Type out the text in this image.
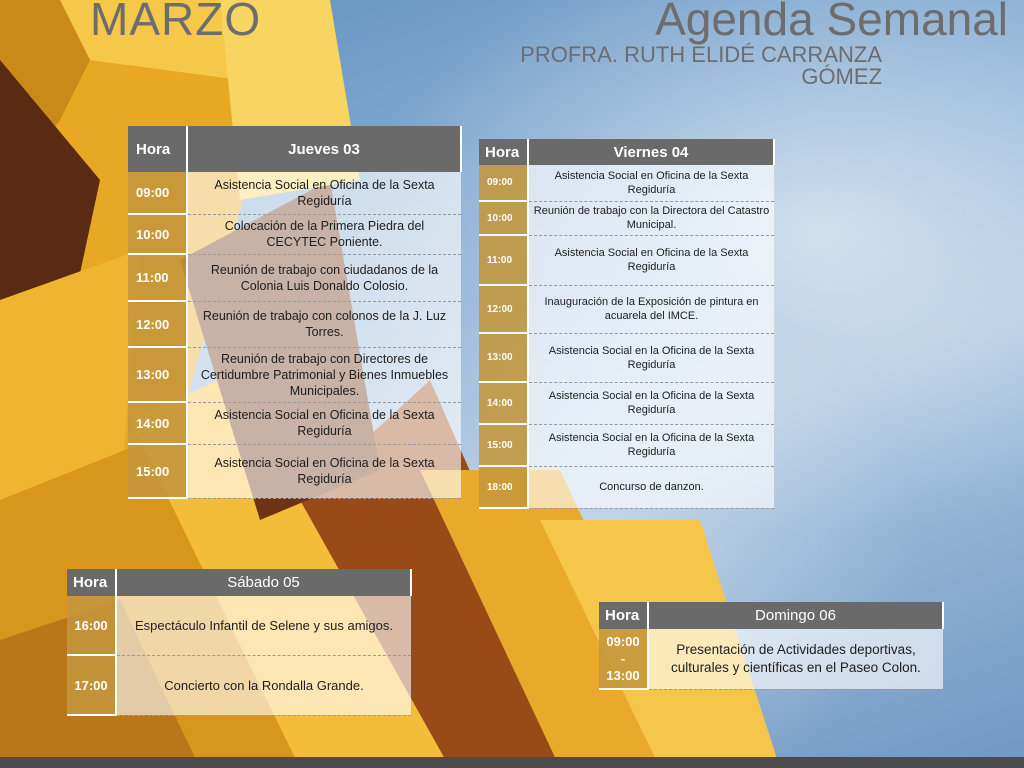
MARZO	Agenda Semanal
PROFRA. RUTH ELIDÉ CARRANZA
GÓMEZ
Hora	Jueves 03
09:00	Asistencia Social en Oficina de la Sexta Regiduría
10:00	Colocación de la Primera Piedra del CECYTEC Poniente.
11:00	Reunión de trabajo con ciudadanos de la Colonia Luis Donaldo Colosio.
12:00	Reunión de trabajo con colonos de la J. Luz Torres.
13:00	Reunión de trabajo con Directores de Certidumbre Patrimonial y Bienes Inmuebles Municipales.
14:00	Asistencia Social en Oficina de la Sexta Regiduría
15:00	Asistencia Social en Oficina de la Sexta Regiduría
Hora	Viernes 04
09:00	Asistencia Social en Oficina de la Sexta Regiduría
10:00	Reunión de trabajo con la Directora del Catastro Municipal.
11:00	Asistencia Social en Oficina de la Sexta Regiduría
12:00	Inauguración de la Exposición de pintura en acuarela del IMCE.
13:00	Asistencia Social en la Oficina de la Sexta Regiduría
14:00	Asistencia Social en la Oficina de la Sexta Regiduría
15:00	Asistencia Social en la Oficina de la Sexta Regiduría
18:00	Concurso de danzon.
Hora	Sábado 05
16:00	Espectáculo Infantil de Selene y sus amigos.
17:00	Concierto con la Rondalla Grande.
Hora	Domingo 06

09:00
-
13:00	Presentación de Actividades deportivas, culturales y científicas en el Paseo Colon.
